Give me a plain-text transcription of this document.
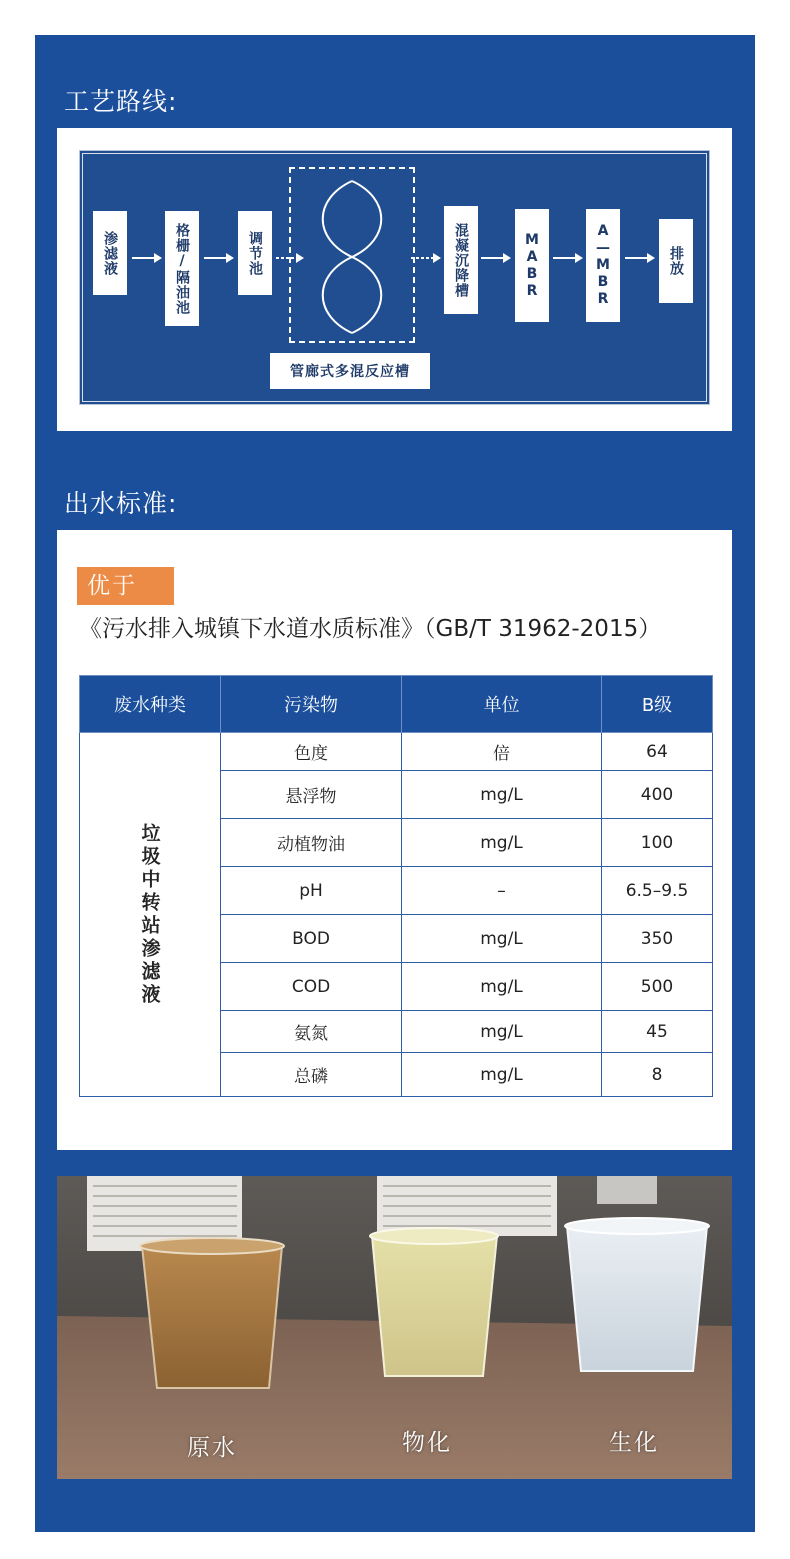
工艺路线:
渗滤液	格栅/隔油池	调节池	混凝沉降槽	MABR	A—MBR	排放
管廊式多混反应槽
出水标准:
优于
《污水排入城镇下水道水质标准》（GB/T 31962-2015）
废水种类	污染物	单位	B级
垃圾中转站渗滤液	色度	倍	64
	悬浮物	mg/L	400
	动植物油	mg/L	100
	pH	–	6.5–9.5
	BOD	mg/L	350
	COD	mg/L	500
	氨氮	mg/L	45
	总磷	mg/L	8
原水	物化	生化
